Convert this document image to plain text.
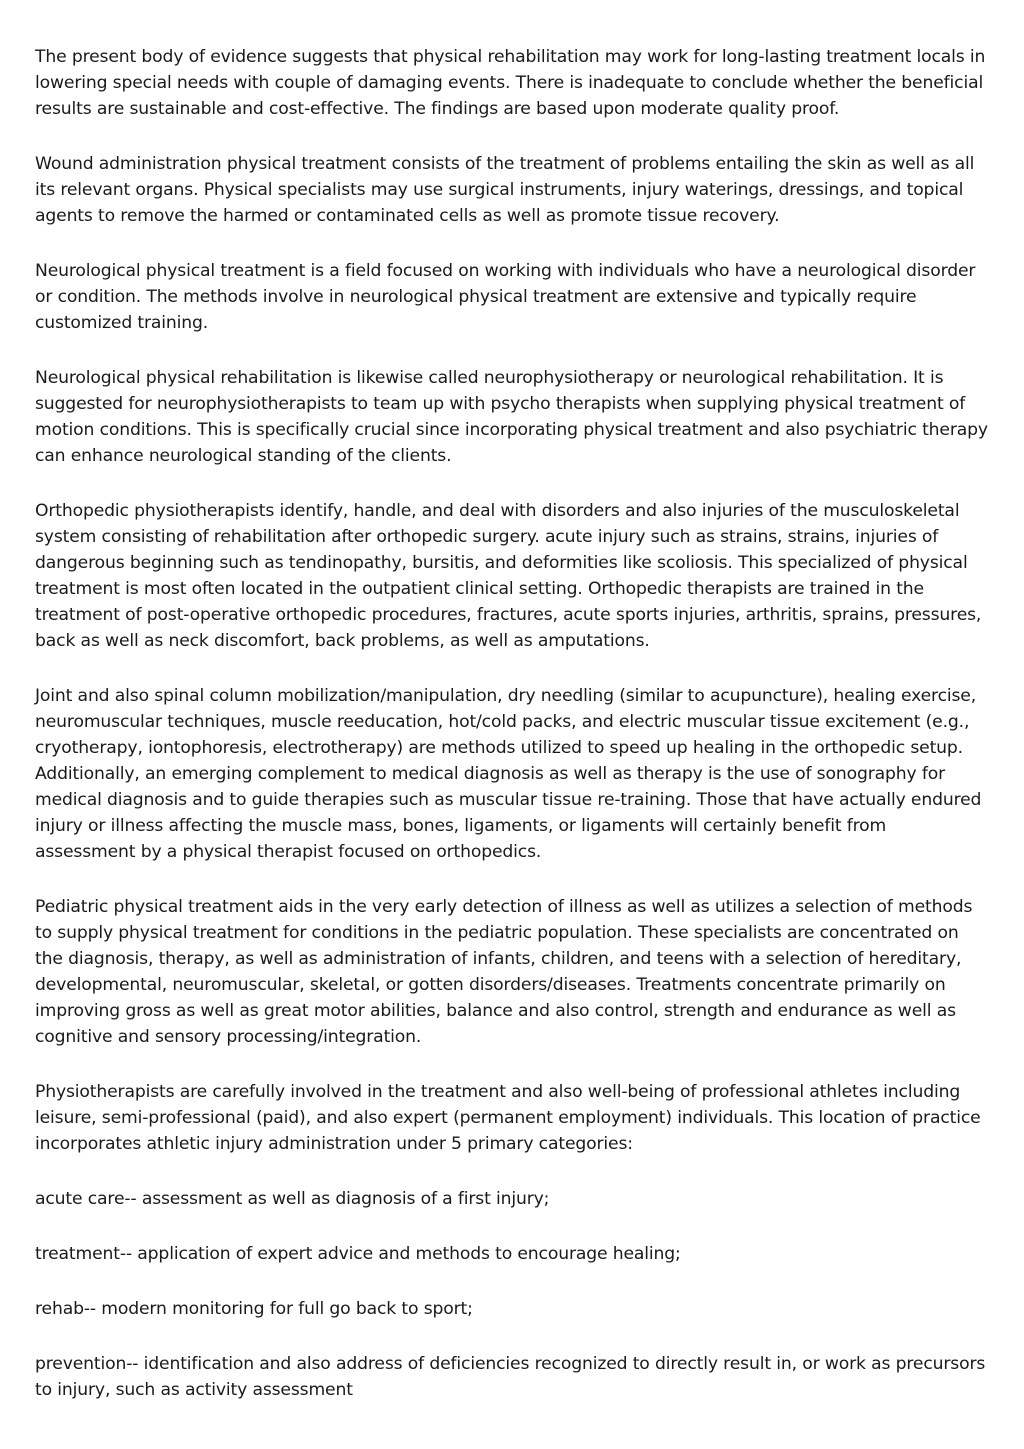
The present body of evidence suggests that physical rehabilitation may work for long-lasting treatment locals in lowering special needs with couple of damaging events. There is inadequate to conclude whether the beneficial results are sustainable and cost-effective. The findings are based upon moderate quality proof.

Wound administration physical treatment consists of the treatment of problems entailing the skin as well as all its relevant organs. Physical specialists may use surgical instruments, injury waterings, dressings, and topical agents to remove the harmed or contaminated cells as well as promote tissue recovery.

Neurological physical treatment is a field focused on working with individuals who have a neurological disorder or condition. The methods involve in neurological physical treatment are extensive and typically require customized training.

Neurological physical rehabilitation is likewise called neurophysiotherapy or neurological rehabilitation. It is suggested for neurophysiotherapists to team up with psycho therapists when supplying physical treatment of motion conditions. This is specifically crucial since incorporating physical treatment and also psychiatric therapy can enhance neurological standing of the clients.

Orthopedic physiotherapists identify, handle, and deal with disorders and also injuries of the musculoskeletal system consisting of rehabilitation after orthopedic surgery. acute injury such as strains, strains, injuries of dangerous beginning such as tendinopathy, bursitis, and deformities like scoliosis. This specialized of physical treatment is most often located in the outpatient clinical setting. Orthopedic therapists are trained in the treatment of post-operative orthopedic procedures, fractures, acute sports injuries, arthritis, sprains, pressures, back as well as neck discomfort, back problems, as well as amputations.

Joint and also spinal column mobilization/manipulation, dry needling (similar to acupuncture), healing exercise, neuromuscular techniques, muscle reeducation, hot/cold packs, and electric muscular tissue excitement (e.g., cryotherapy, iontophoresis, electrotherapy) are methods utilized to speed up healing in the orthopedic setup. Additionally, an emerging complement to medical diagnosis as well as therapy is the use of sonography for medical diagnosis and to guide therapies such as muscular tissue re-training. Those that have actually endured injury or illness affecting the muscle mass, bones, ligaments, or ligaments will certainly benefit from assessment by a physical therapist focused on orthopedics.

Pediatric physical treatment aids in the very early detection of illness as well as utilizes a selection of methods to supply physical treatment for conditions in the pediatric population. These specialists are concentrated on the diagnosis, therapy, as well as administration of infants, children, and teens with a selection of hereditary, developmental, neuromuscular, skeletal, or gotten disorders/diseases. Treatments concentrate primarily on improving gross as well as great motor abilities, balance and also control, strength and endurance as well as cognitive and sensory processing/integration.

Physiotherapists are carefully involved in the treatment and also well-being of professional athletes including leisure, semi-professional (paid), and also expert (permanent employment) individuals. This location of practice incorporates athletic injury administration under 5 primary categories:

acute care-- assessment as well as diagnosis of a first injury;

treatment-- application of expert advice and methods to encourage healing;

rehab-- modern monitoring for full go back to sport;

prevention-- identification and also address of deficiencies recognized to directly result in, or work as precursors to injury, such as activity assessment
